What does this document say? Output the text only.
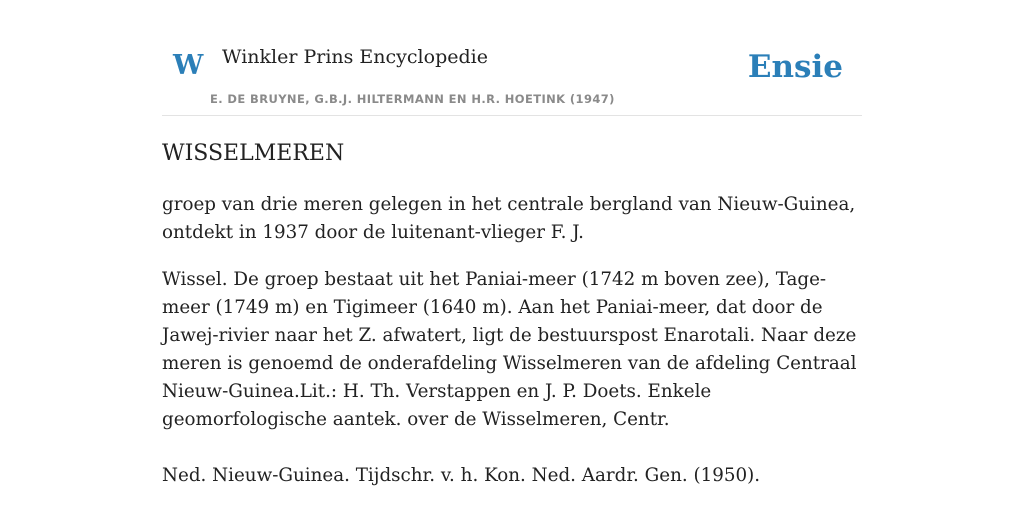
W Winkler Prins Encyclopedie
E. DE BRUYNE, G.B.J. HILTERMANN EN H.R. HOETINK (1947)
Ensie
WISSELMEREN

groep van drie meren gelegen in het centrale bergland van Nieuw-Guinea, ontdekt in 1937 door de luitenant-vlieger F. J.

Wissel. De groep bestaat uit het Paniai-meer (1742 m boven zee), Tage-meer (1749 m) en Tigimeer (1640 m). Aan het Paniai-meer, dat door de Jawej-rivier naar het Z. afwatert, ligt de bestuurspost Enarotali. Naar deze meren is genoemd de onderafdeling Wisselmeren van de afdeling Centraal Nieuw-Guinea.Lit.: H. Th. Verstappen en J. P. Doets. Enkele geomorfologische aantek. over de Wisselmeren, Centr.

Ned. Nieuw-Guinea. Tijdschr. v. h. Kon. Ned. Aardr. Gen. (1950).
